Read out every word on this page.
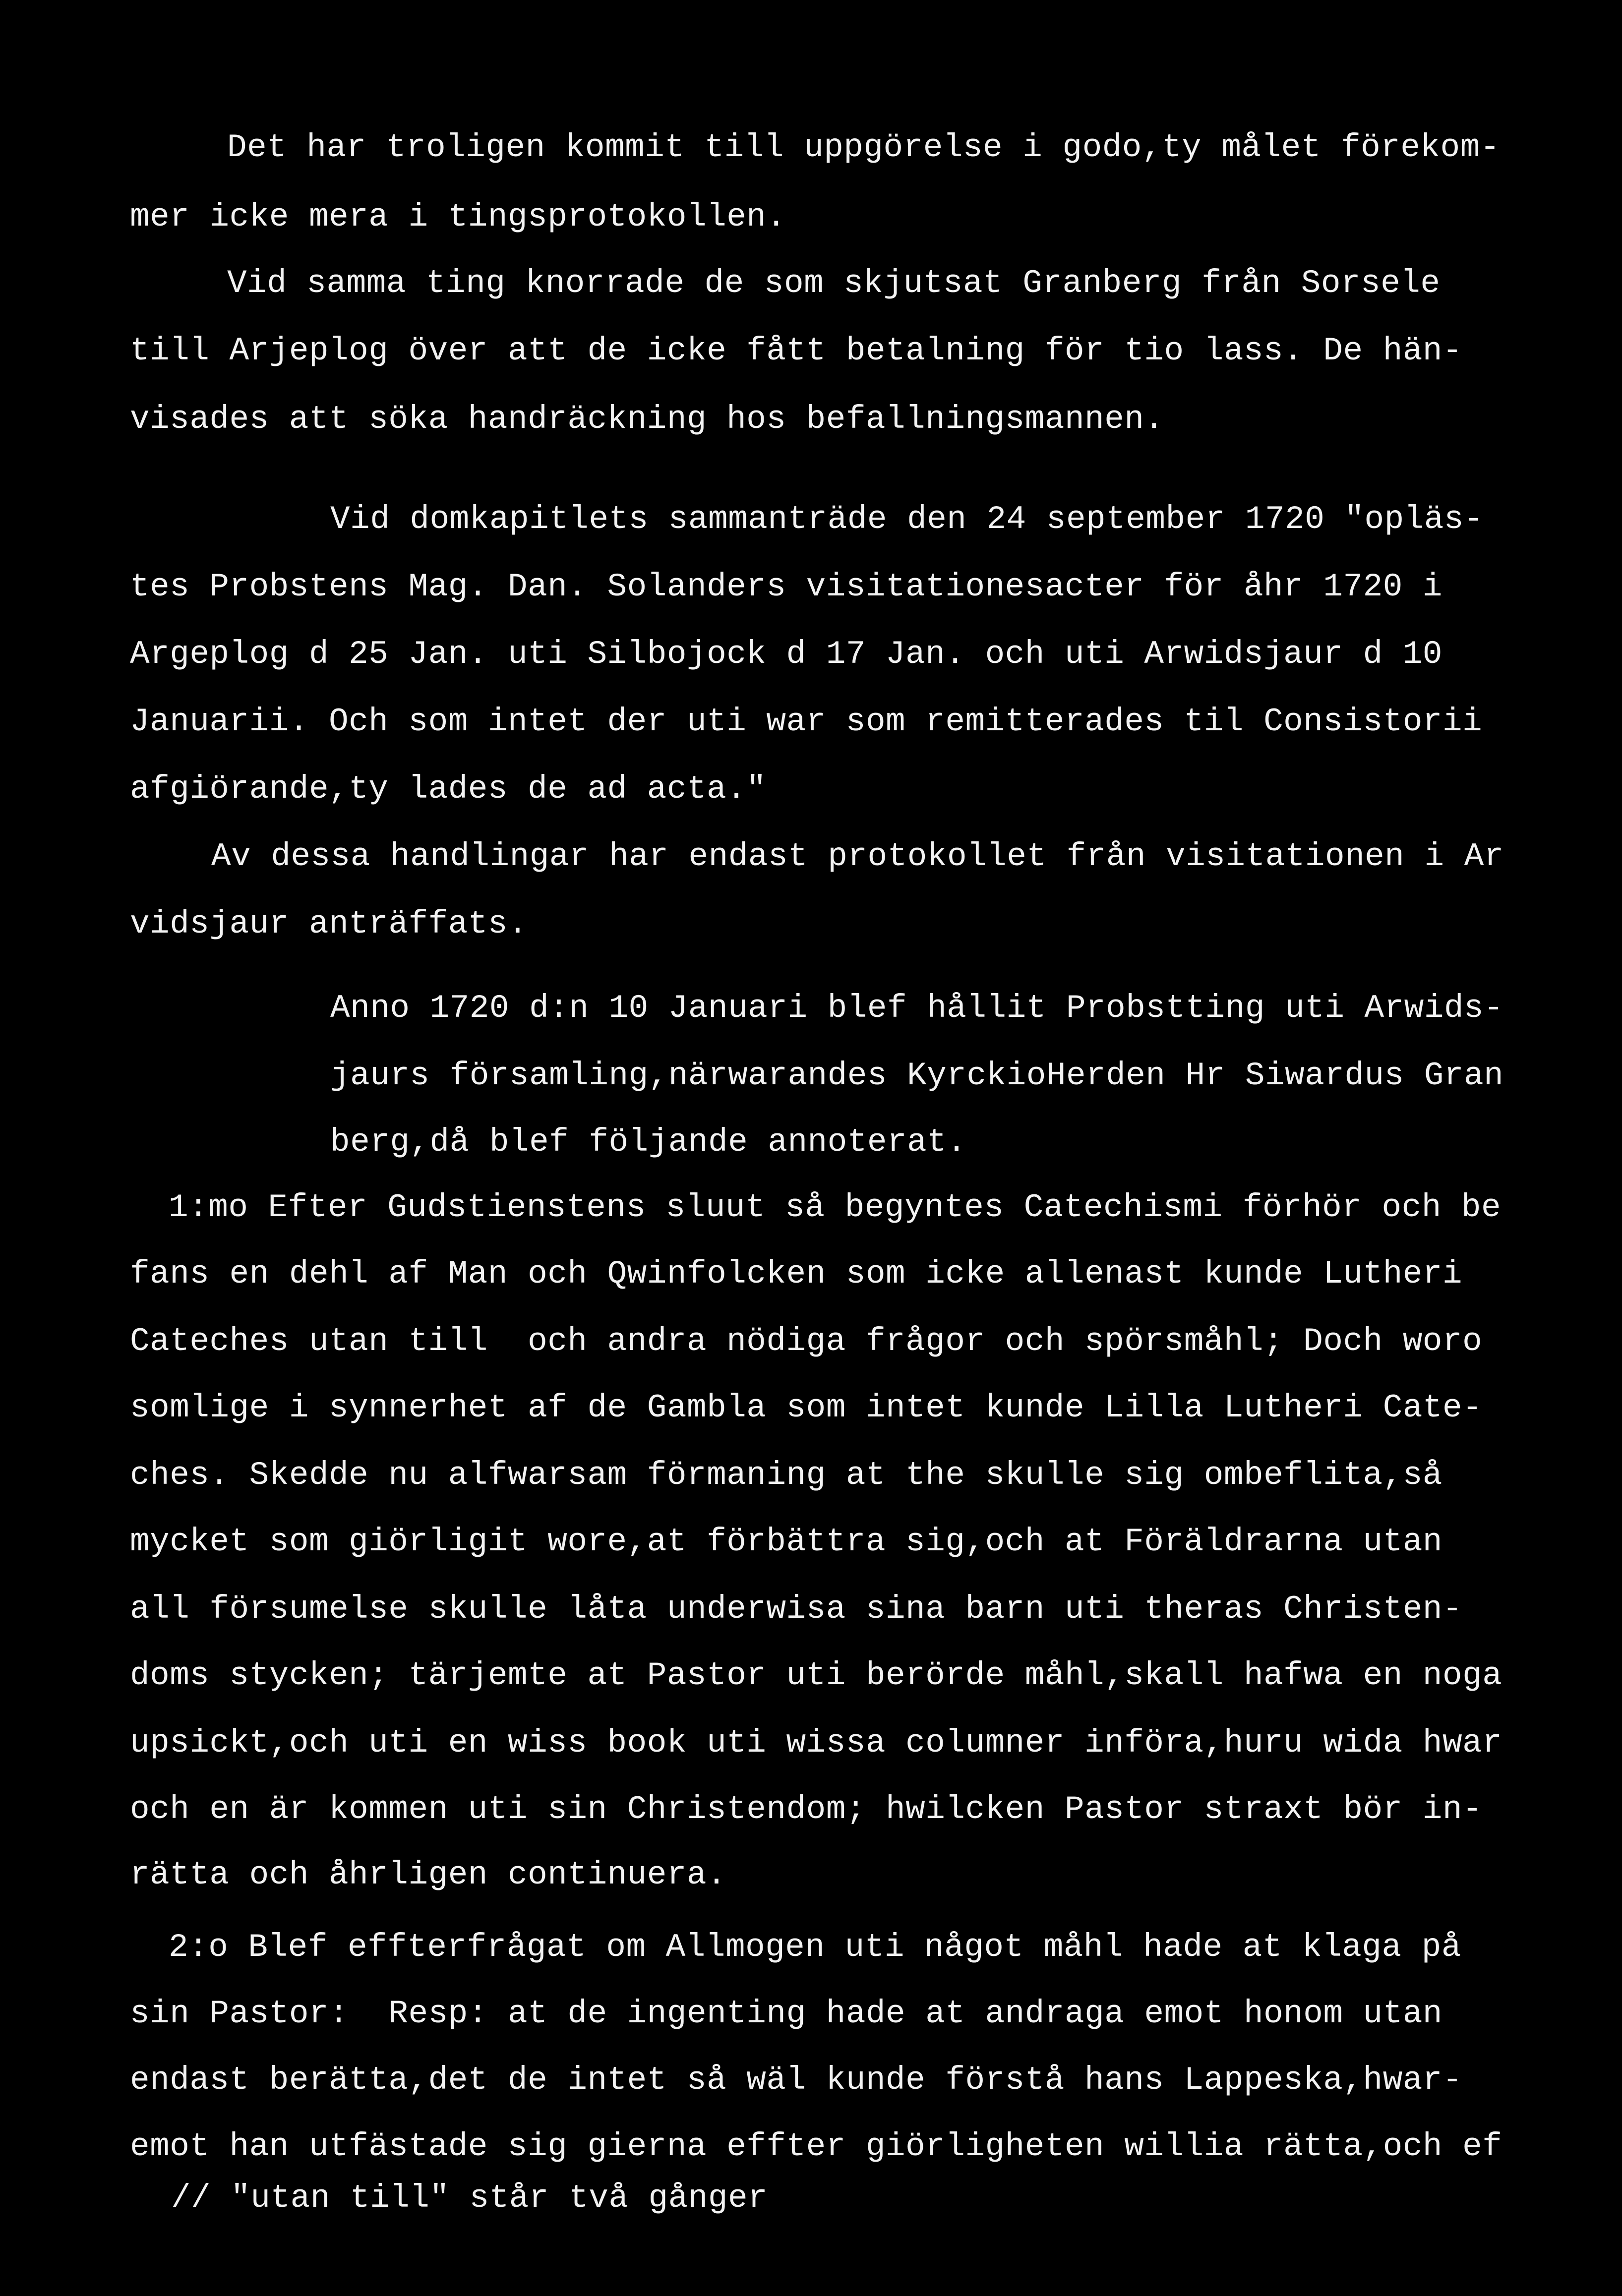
Det har troligen kommit till uppgörelse i godo,ty målet förekom-
mer icke mera i tingsprotokollen.
Vid samma ting knorrade de som skjutsat Granberg från Sorsele
till Arjeplog över att de icke fått betalning för tio lass. De hän-
visades att söka handräckning hos befallningsmannen.
Vid domkapitlets sammanträde den 24 september 1720 "opläs-
tes Probstens Mag. Dan. Solanders visitationesacter för åhr 1720 i
Argeplog d 25 Jan. uti Silbojock d 17 Jan. och uti Arwidsjaur d 10
Januarii. Och som intet der uti war som remitterades til Consistorii
afgiörande,ty lades de ad acta."
Av dessa handlingar har endast protokollet från visitationen i Ar
vidsjaur anträffats.
Anno 1720 d:n 10 Januari blef hållit Probstting uti Arwids-
jaurs församling,närwarandes KyrckioHerden Hr Siwardus Gran
berg,då blef följande annoterat.
1:mo Efter Gudstienstens sluut så begyntes Catechismi förhör och be
fans en dehl af Man och Qwinfolcken som icke allenast kunde Lutheri
Cateches utan till  och andra nödiga frågor och spörsmåhl; Doch woro
somlige i synnerhet af de Gambla som intet kunde Lilla Lutheri Cate-
ches. Skedde nu alfwarsam förmaning at the skulle sig ombeflita,så
mycket som giörligit wore,at förbättra sig,och at Föräldrarna utan
all försumelse skulle låta underwisa sina barn uti theras Christen-
doms stycken; tärjemte at Pastor uti berörde måhl,skall hafwa en noga
upsickt,och uti en wiss book uti wissa columner införa,huru wida hwar
och en är kommen uti sin Christendom; hwilcken Pastor straxt bör in-
rätta och åhrligen continuera.
2:o Blef effterfrågat om Allmogen uti något måhl hade at klaga på
sin Pastor:  Resp: at de ingenting hade at andraga emot honom utan
endast berätta,det de intet så wäl kunde förstå hans Lappeska,hwar-
emot han utfästade sig gierna effter giörligheten willia rätta,och ef
// "utan till" står två gånger
